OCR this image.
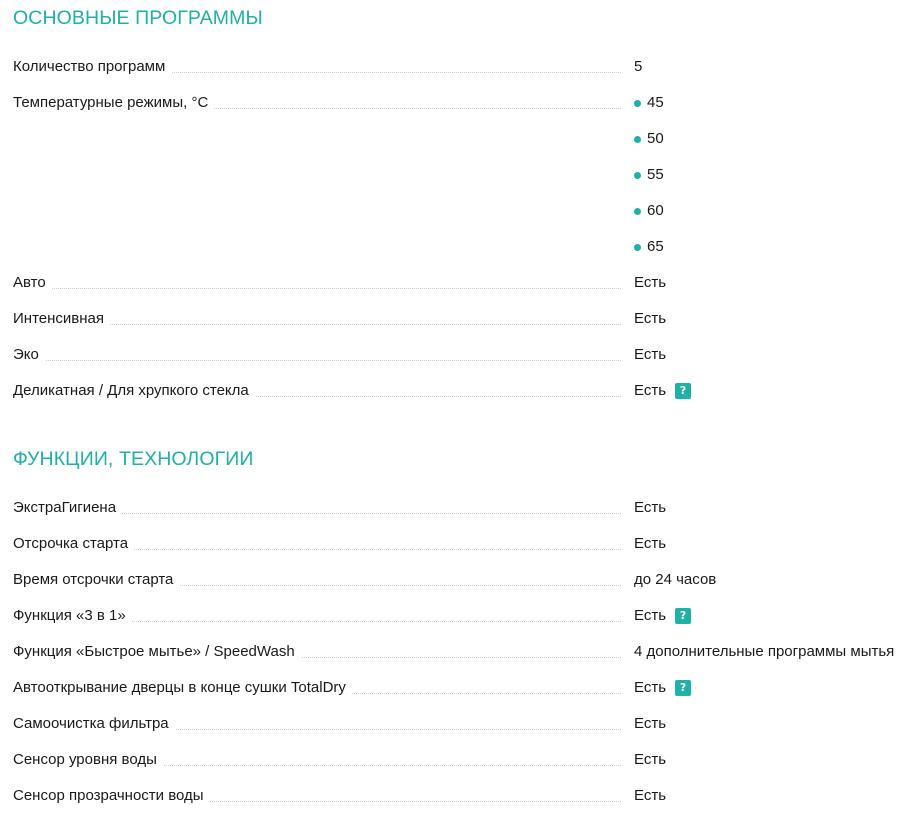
ОСНОВНЫЕ ПРОГРАММЫ
Количество программ	5
Температурные режимы, °C	45
50
55
60
65
Авто	Есть
Интенсивная	Есть
Эко	Есть
Деликатная / Для хрупкого стекла	Есть	?
ФУНКЦИИ, ТЕХНОЛОГИИ
ЭкстраГигиена	Есть
Отсрочка старта	Есть
Время отсрочки старта	до 24 часов
Функция «3 в 1»	Есть	?
Функция «Быстрое мытье» / SpeedWash	4 дополнительные программы мытья
Автооткрывание дверцы в конце сушки TotalDry	Есть	?
Самоочистка фильтра	Есть
Сенсор уровня воды	Есть
Сенсор прозрачности воды	Есть
